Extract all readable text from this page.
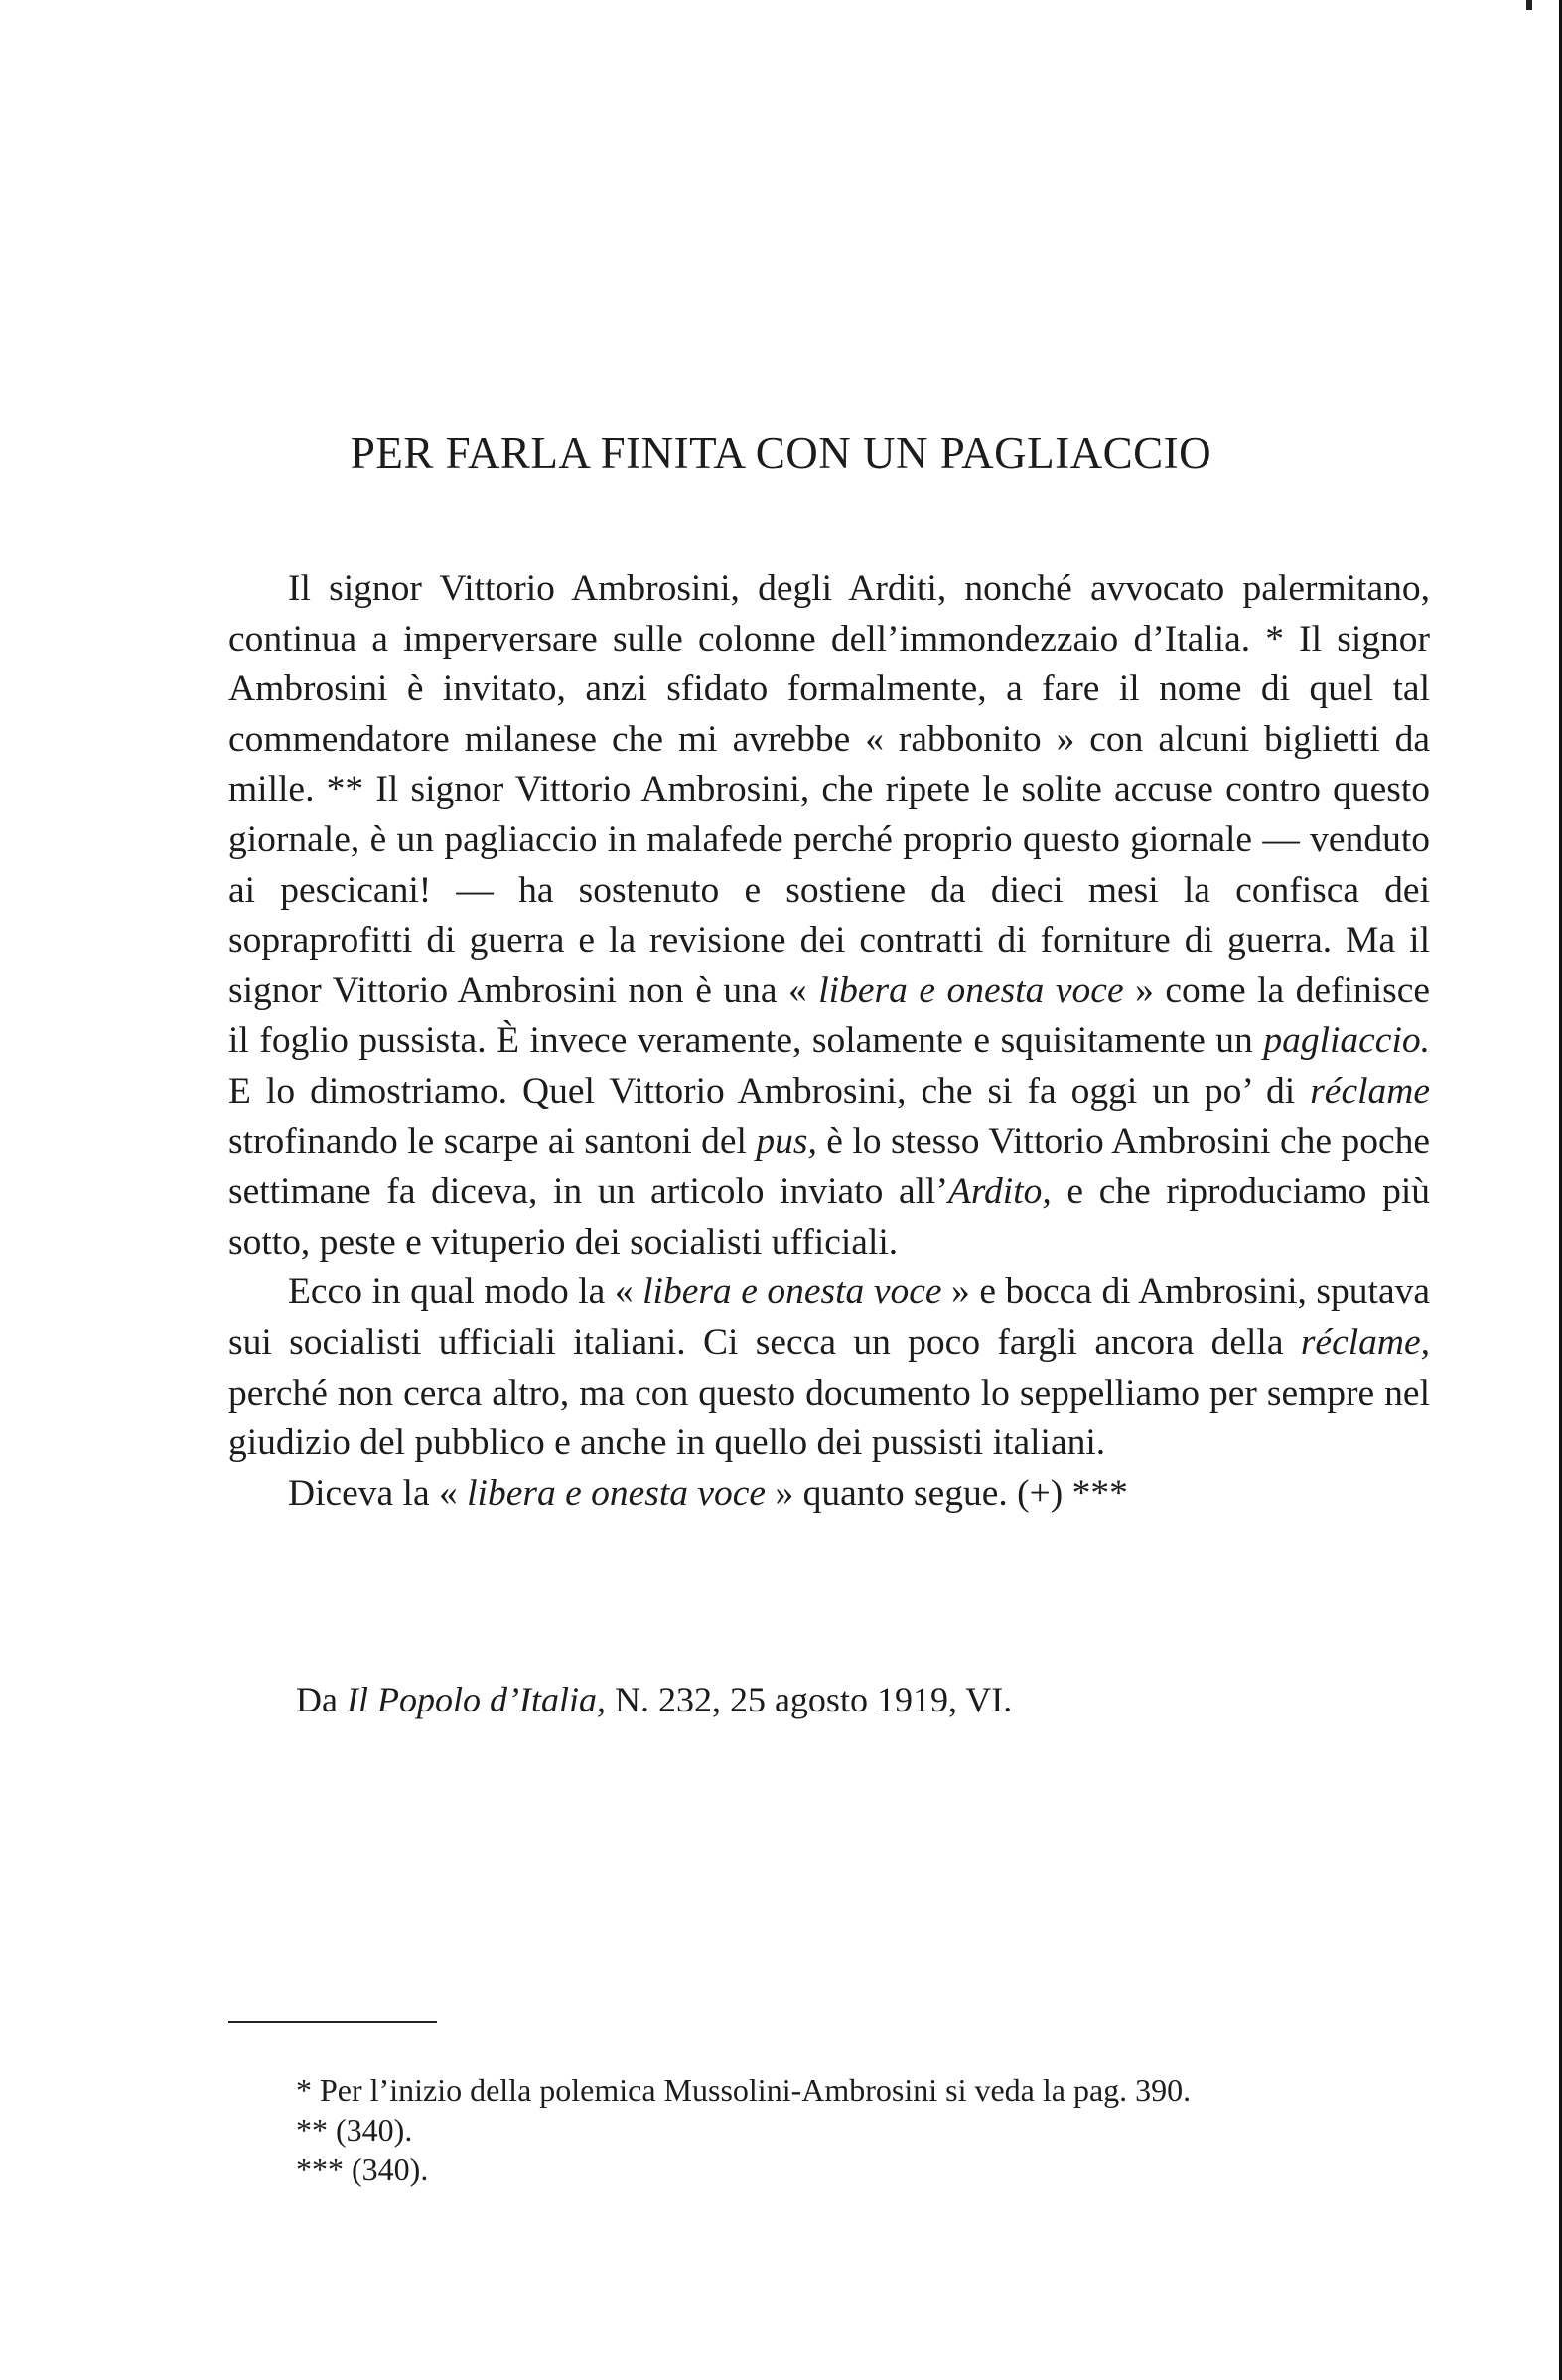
PER FARLA FINITA CON UN PAGLIACCIO

Il signor Vittorio Ambrosini, degli Arditi, nonché avvocato palermitano, continua a imperversare sulle colonne dell’immondezzaio d’Italia. * Il signor Ambrosini è invitato, anzi sfidato formalmente, a fare il nome di quel tal commendatore milanese che mi avrebbe « rabbonito » con alcuni biglietti da mille. ** Il signor Vittorio Ambrosini, che ripete le solite accuse contro questo giornale, è un pagliaccio in malafede perché proprio questo giornale — venduto ai pescicani! — ha sostenuto e sostiene da dieci mesi la confisca dei sopraprofitti di guerra e la revisione dei contratti di forniture di guerra. Ma il signor Vittorio Ambrosini non è una « libera e onesta voce » come la definisce il foglio pussista. È invece veramente, solamente e squisitamente un pagliaccio. E lo dimostriamo. Quel Vittorio Ambrosini, che si fa oggi un po’ di réclame strofinando le scarpe ai santoni del pus, è lo stesso Vittorio Ambrosini che poche settimane fa diceva, in un articolo inviato all’Ardito, e che riproduciamo più sotto, peste e vituperio dei socialisti ufficiali.

Ecco in qual modo la « libera e onesta voce » e bocca di Ambrosini, sputava sui socialisti ufficiali italiani. Ci secca un poco fargli ancora della réclame, perché non cerca altro, ma con questo documento lo seppelliamo per sempre nel giudizio del pubblico e anche in quello dei pussisti italiani.

Diceva la « libera e onesta voce » quanto segue. (+) ***

Da Il Popolo d’Italia, N. 232, 25 agosto 1919, VI.
* Per l’inizio della polemica Mussolini-Ambrosini si veda la pag. 390.
** (340).
*** (340).
